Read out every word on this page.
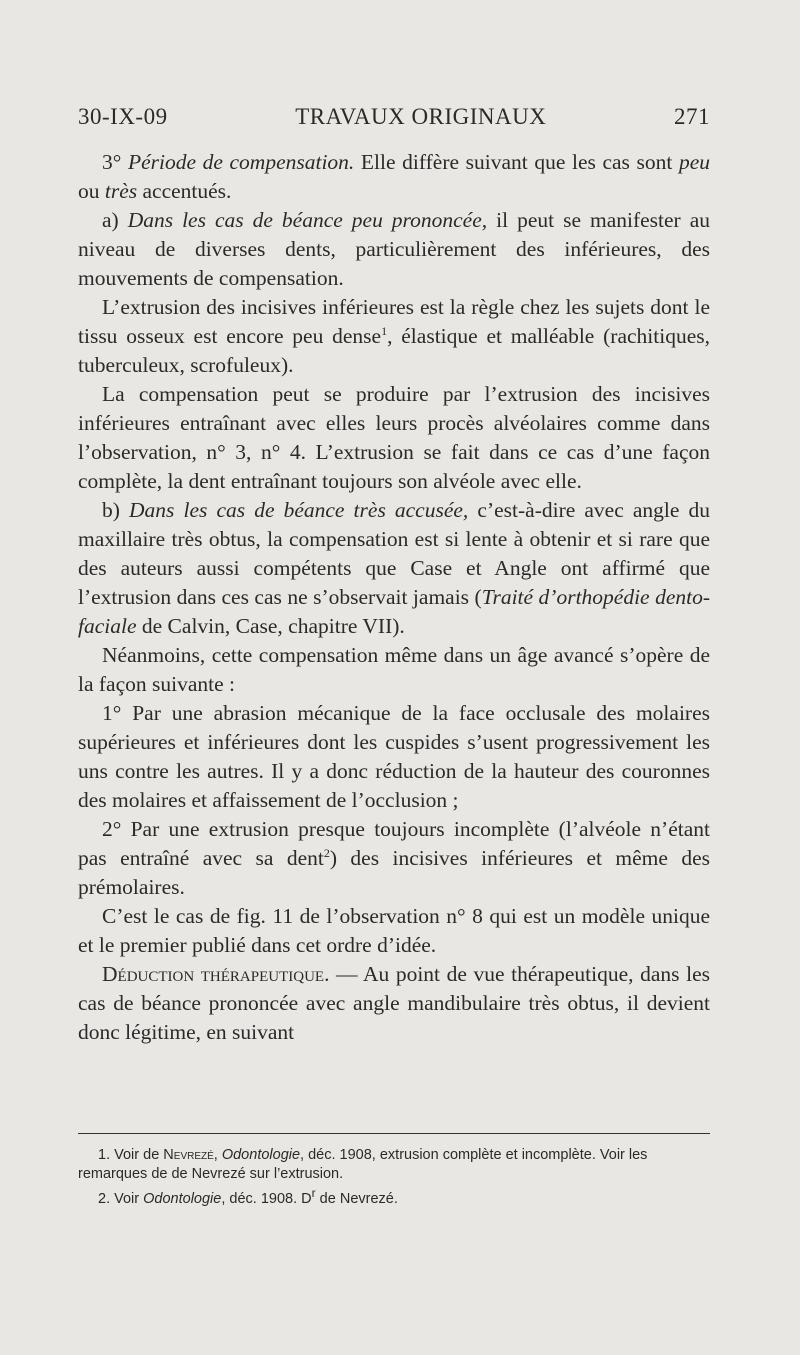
30-IX-09	TRAVAUX ORIGINAUX	271

3° Période de compensation. Elle diffère suivant que les cas sont peu ou très accentués.

a) Dans les cas de béance peu prononcée, il peut se manifester au niveau de diverses dents, particulièrement des inférieures, des mouvements de compensation.

L’extrusion des incisives inférieures est la règle chez les sujets dont le tissu osseux est encore peu dense$^1$, élastique et malléable (rachitiques, tuberculeux, scrofuleux).

La compensation peut se produire par l’extrusion des incisives inférieures entraînant avec elles leurs procès alvéolaires comme dans l’observation, n° 3, n° 4. L’extrusion se fait dans ce cas d’une façon complète, la dent entraînant toujours son alvéole avec elle.

b) Dans les cas de béance très accusée, c’est-à-dire avec angle du maxillaire très obtus, la compensation est si lente à obtenir et si rare que des auteurs aussi compétents que Case et Angle ont affirmé que l’extrusion dans ces cas ne s’observait jamais (Traité d’orthopédie dento-faciale de Calvin, Case, chapitre VII).

Néanmoins, cette compensation même dans un âge avancé s’opère de la façon suivante :

1° Par une abrasion mécanique de la face occlusale des molaires supérieures et inférieures dont les cuspides s’usent progressivement les uns contre les autres. Il y a donc réduction de la hauteur des couronnes des molaires et affaissement de l’occlusion ;

2° Par une extrusion presque toujours incomplète (l’alvéole n’étant pas entraîné avec sa dent$^2$) des incisives inférieures et même des prémolaires.

C’est le cas de fig. 11 de l’observation n° 8 qui est un modèle unique et le premier publié dans cet ordre d’idée.

Déduction thérapeutique. — Au point de vue thérapeutique, dans les cas de béance prononcée avec angle mandibulaire très obtus, il devient donc légitime, en suivant

1. Voir de Nevrezé, Odontologie, déc. 1908, extrusion complète et incomplète. Voir les remarques de de Nevrezé sur l’extrusion.

2. Voir Odontologie, déc. 1908. $D^r$ de Nevrezé.
